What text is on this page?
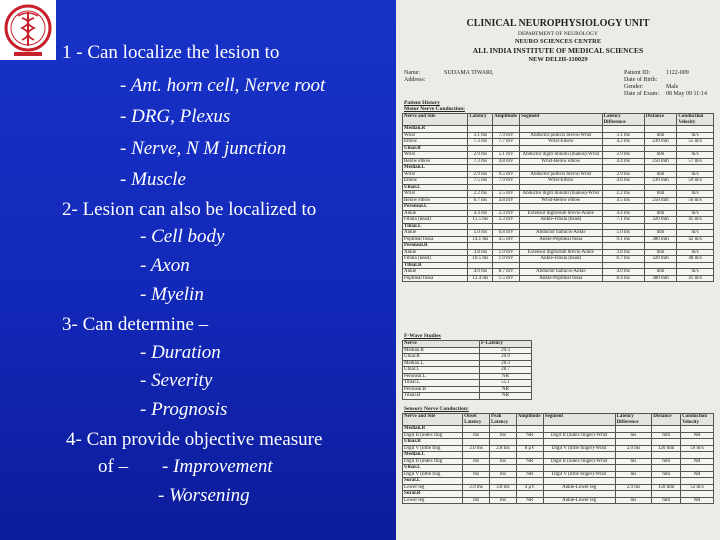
1 - Can localize the lesion to
- Ant. horn cell, Nerve root
- DRG, Plexus
- Nerve, N M junction
- Muscle
2- Lesion can also be localized to
- Cell body
- Axon
- Myelin
3- Can determine –
- Duration
- Severity
- Prognosis
4- Can provide objective measure
of – - Improvement
- Worsening
CLINICAL NEUROPHYSIOLOGY UNIT
DEPARTMENT OF NEUROLOGY
NEURO SCIENCES CENTRE
ALL INDIA INSTITUTE OF MEDICAL SCIENCES
NEW DELHI-110029
Name:	SUDAMA TIWARI,
Address:
Patient ID:	1122-009
Date of Birth:
Gender:	Male
Date of Exam: 08 May 09 11:14
Patient History
Motor Nerve Conduction:
Nerve and Site	Latency	Amplitude	Segment	Latency Difference	Distance	Conduction Velocity
Median.R						
Wrist	3.1 ms	7.9 mV	Abductor pollicis brevis-Wrist	3.1 ms	mm	m/s
Elbow	7.3 ms	7.7 mV	Wrist-Elbow	4.2 ms	230 mm	55 m/s
Ulnar.R						
Wrist	2.9 ms	5.1 mV	Abductor digiti minimi (manus)-Wrist	2.9 ms	mm	m/s
Below elbow	7.3 ms	4.8 mV	Wrist-Below elbow	4.4 ms	250 mm	57 m/s
Median.L						
Wrist	2.9 ms	9.5 mV	Abductor pollicis brevis-Wrist	2.9 ms	mm	m/s
Elbow	7.5 ms	7.9 mV	Wrist-Elbow	4.6 ms	230 mm	50 m/s
Ulnar.L						
Wrist	2.2 ms	5.5 mV	Abductor digiti minimi (manus)-Wrist	2.2 ms	mm	m/s
Below elbow	6.7 ms	4.8 mV	Wrist-Below elbow	4.5 ms	250 mm	56 m/s
Peroneal.L						
Ankle	4.4 ms	2.3 mV	Extensor digitorum brevis-Ankle	4.4 ms	mm	m/s
Fibula (head)	11.5 ms	2.3 mV	Ankle-Fibula (head)	7.1 ms	320 mm	45 m/s
Tibial.L						
Ankle	5.0 ms	6.8 mV	Abductor hallucis-Ankle	5.0 ms	mm	m/s
Popliteal fossa	14.1 ms	4.5 mV	Ankle-Popliteal fossa	9.1 ms	380 mm	42 m/s
Peroneal.R						
Ankle	3.8 ms	1.9 mV	Extensor digitorum brevis-Ankle	3.8 ms	mm	m/s
Fibula (head)	10.5 ms	1.9 mV	Ankle-Fibula (head)	6.7 ms	320 mm	48 m/s
Tibial.R						
Ankle	4.0 ms	8.7 mV	Abductor hallucis-Ankle	4.0 ms	mm	m/s
Popliteal fossa	12.4 ms	1.5 mV	Ankle-Popliteal fossa	8.4 ms	380 mm	45 m/s
F-Wave Studies
Nerve	F-Latency
Median.R	29.3
Ulnar.R	26.9
Median.L	28.3
Ulnar.L	28.7
Peroneal.L	NR
Tibial.L	55.1
Peroneal.R	NR
Tibial.R	NR
Sensory Nerve Conduction:
Nerve and Site	Onset Latency	Peak Latency	Amplitude	Segment	Latency Difference	Distance	Conduction Velocity
Median.R							
Digit II (index fing	ms	ms	NR	Digit II (index finger)-Wrist	ms	mm	NR
Ulnar.R							
Digit V (little fing	2.0 ms	2.8 ms	8 µV	Digit V (little finger)-Wrist	2.0 ms	120 mm	59 m/s
Median.L							
Digit II (index fing	ms	ms	NR	Digit II (index finger)-Wrist	ms	mm	NR
Ulnar.L							
Digit V (little fing	ms	ms	NR	Digit V (little finger)-Wrist	ms	mm	NR
Sural.L							
Lower leg	2.9 ms	3.8 ms	4 µV	Ankle-Lower leg	2.9 ms	150 mm	52 m/s
Sural.R							
Lower leg	ms	ms	NR	Ankle-Lower leg	ms	mm	NR
